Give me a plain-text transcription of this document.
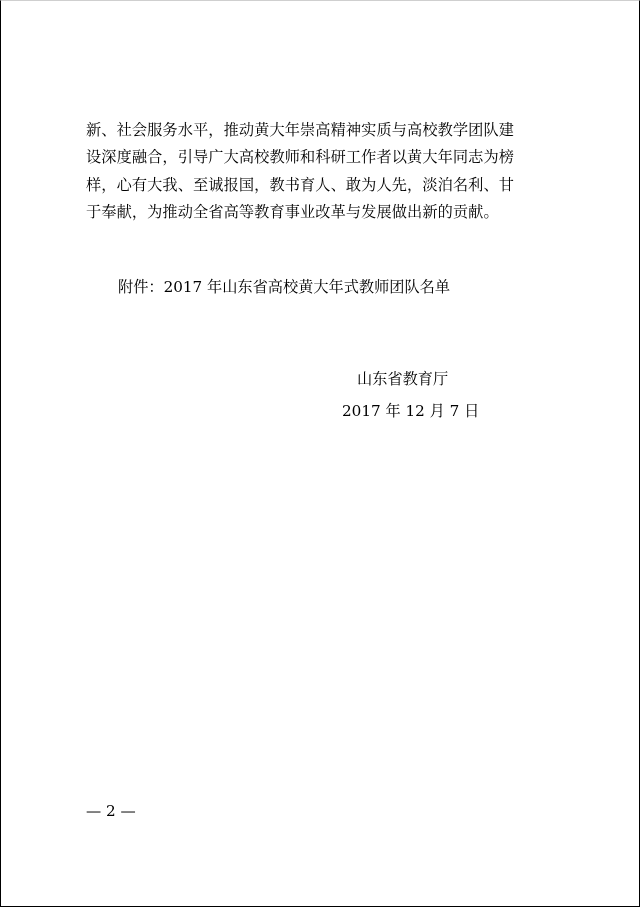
新、社会服务水平，推动黄大年崇高精神实质与高校教学团队建
设深度融合，引导广大高校教师和科研工作者以黄大年同志为榜
样，心有大我、至诚报国，教书育人、敢为人先，淡泊名利、甘
于奉献，为推动全省高等教育事业改革与发展做出新的贡献。

附件：2017 年山东省高校黄大年式教师团队名单
山东省教育厅
2017 年 12 月 7 日
— 2 —
